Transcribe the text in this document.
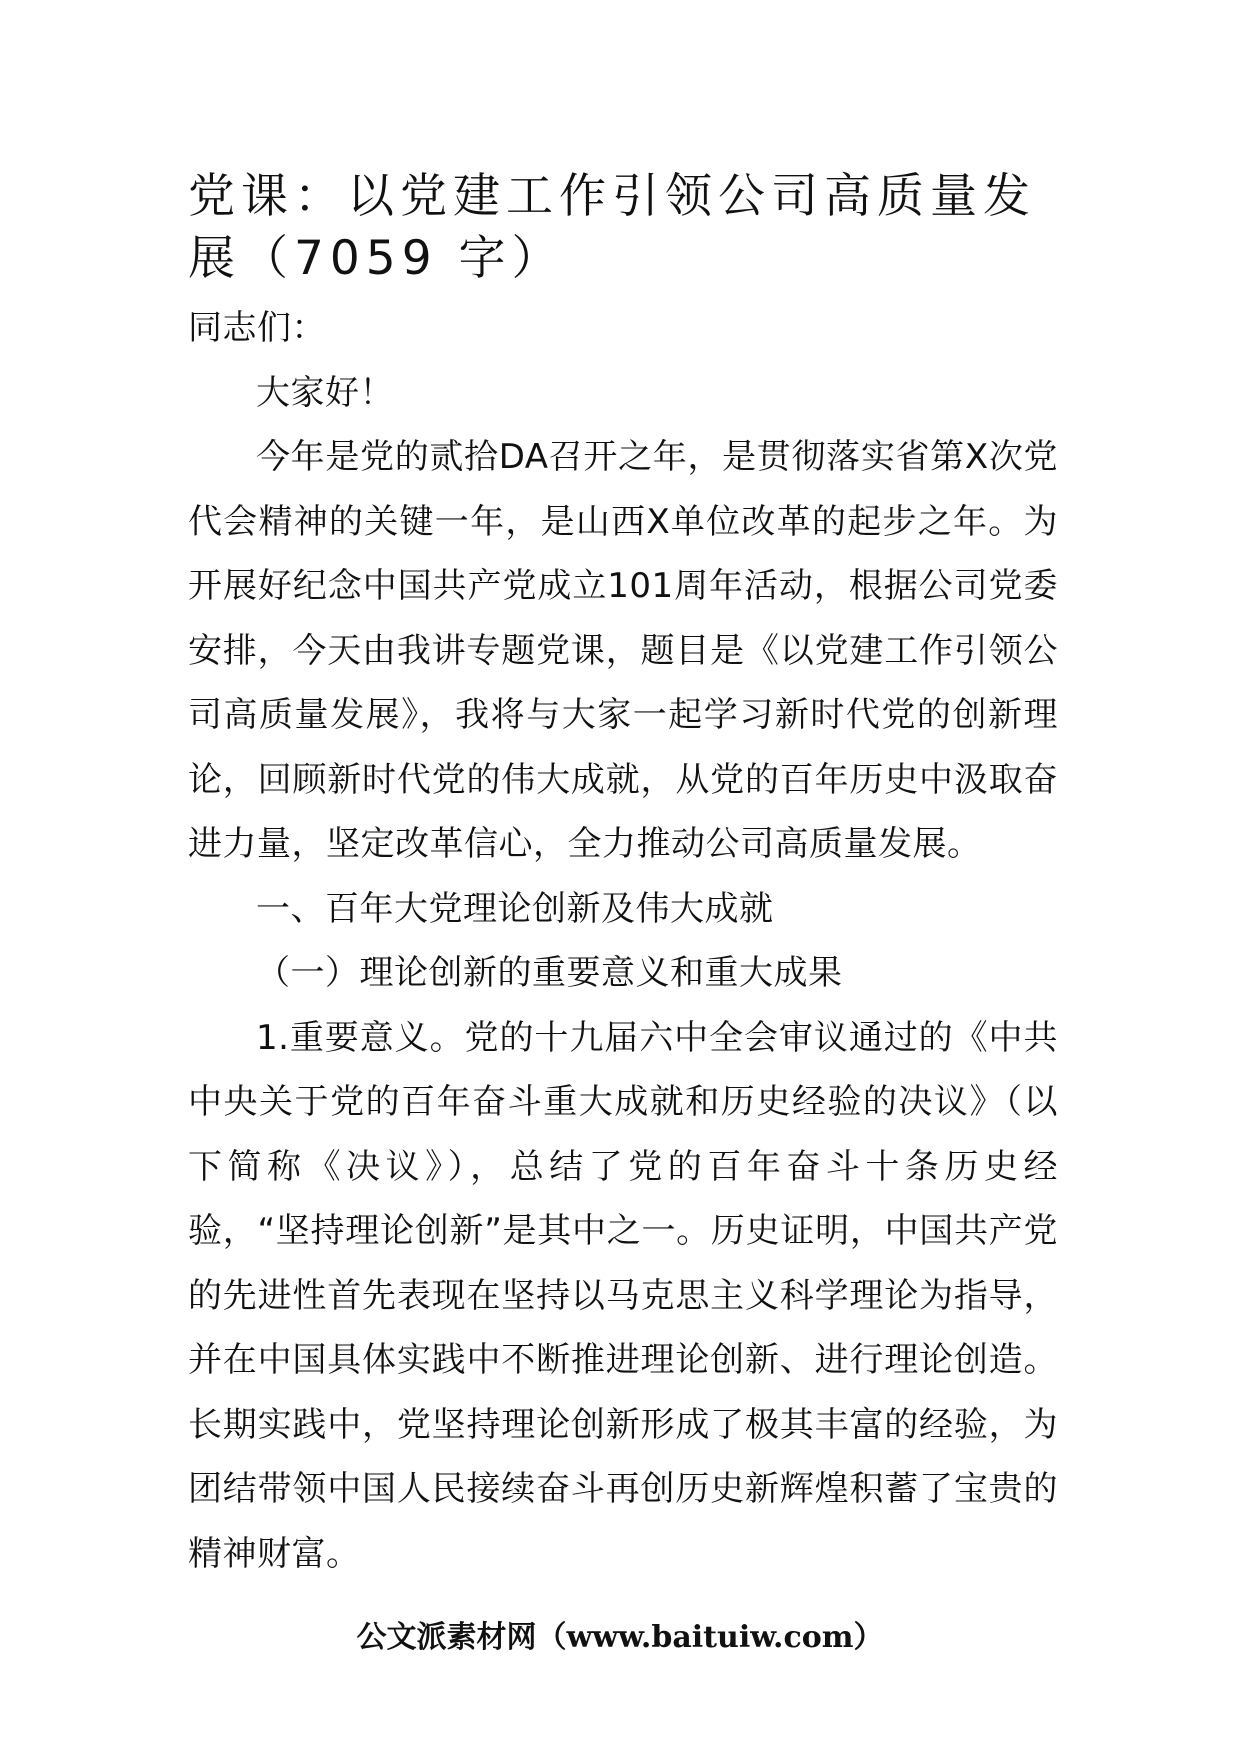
党课：以党建工作引领公司高质量发展（7059 字）

同志们：

大家好！

今年是党的贰拾DA召开之年，是贯彻落实省第X次党代会精神的关键一年，是山西X单位改革的起步之年。为开展好纪念中国共产党成立101周年活动，根据公司党委安排，今天由我讲专题党课，题目是《以党建工作引领公司高质量发展》，我将与大家一起学习新时代党的创新理论，回顾新时代党的伟大成就，从党的百年历史中汲取奋进力量，坚定改革信心，全力推动公司高质量发展。

一、百年大党理论创新及伟大成就

（一）理论创新的重要意义和重大成果

1.重要意义。党的十九届六中全会审议通过的《中共中央关于党的百年奋斗重大成就和历史经验的决议》（以下简称《决议》），总结了党的百年奋斗十条历史经验，“坚持理论创新”是其中之一。历史证明，中国共产党的先进性首先表现在坚持以马克思主义科学理论为指导，并在中国具体实践中不断推进理论创新、进行理论创造。长期实践中，党坚持理论创新形成了极其丰富的经验，为团结带领中国人民接续奋斗再创历史新辉煌积蓄了宝贵的精神财富。

公文派素材网（www.baituiw.com）
